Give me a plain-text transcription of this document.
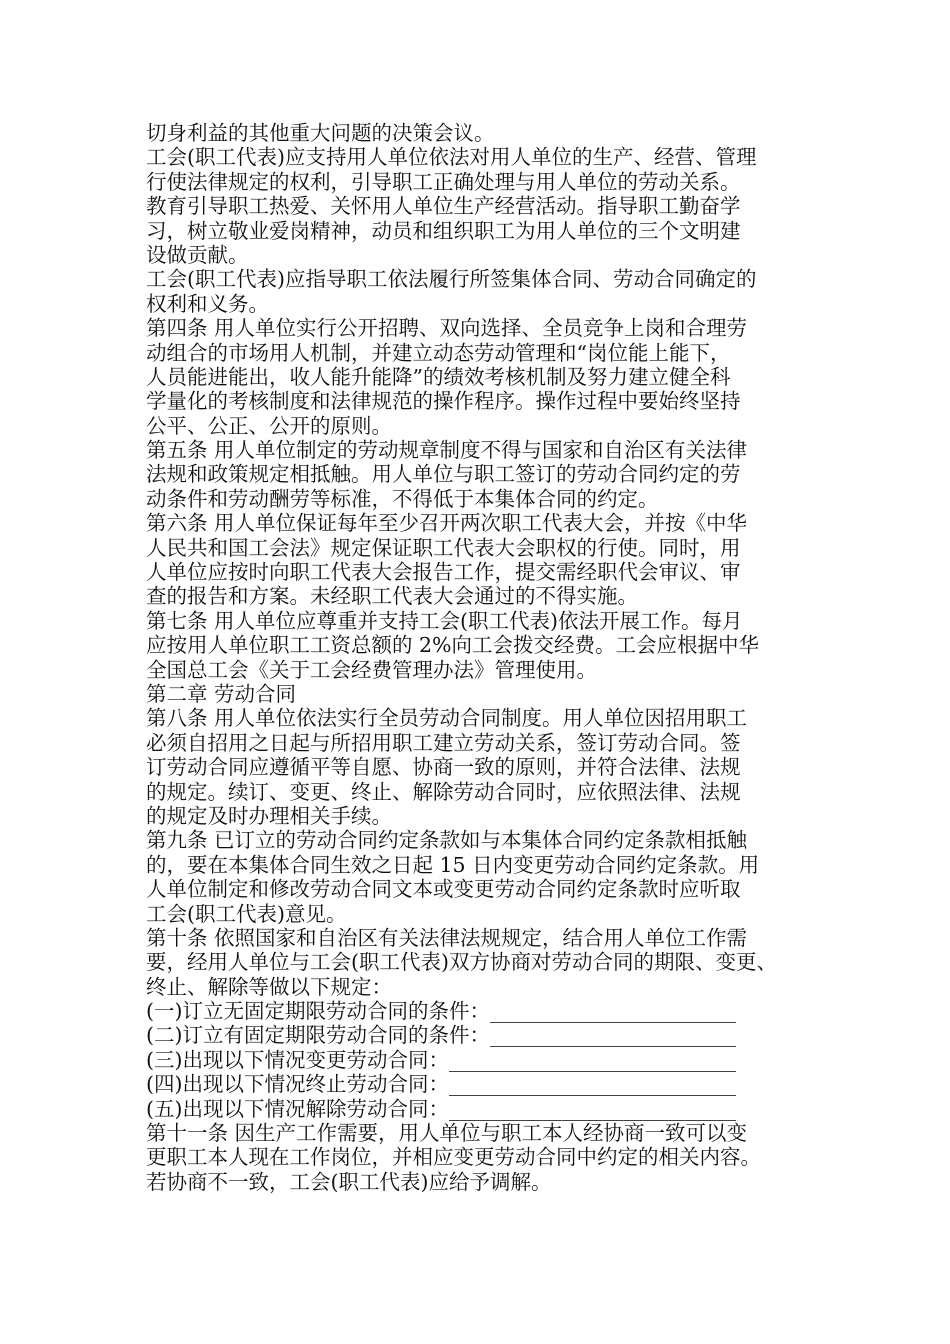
切身利益的其他重大问题的决策会议。
工会(职工代表)应支持用人单位依法对用人单位的生产、经营、管理
行使法律规定的权利，引导职工正确处理与用人单位的劳动关系。
教育引导职工热爱、关怀用人单位生产经营活动。指导职工勤奋学
习，树立敬业爱岗精神，动员和组织职工为用人单位的三个文明建
设做贡献。
工会(职工代表)应指导职工依法履行所签集体合同、劳动合同确定的
权利和义务。
第四条 用人单位实行公开招聘、双向选择、全员竞争上岗和合理劳
动组合的市场用人机制，并建立动态劳动管理和“岗位能上能下，
人员能进能出，收人能升能降”的绩效考核机制及努力建立健全科
学量化的考核制度和法律规范的操作程序。操作过程中要始终坚持
公平、公正、公开的原则。
第五条 用人单位制定的劳动规章制度不得与国家和自治区有关法律
法规和政策规定相抵触。用人单位与职工签订的劳动合同约定的劳
动条件和劳动酬劳等标准，不得低于本集体合同的约定。
第六条 用人单位保证每年至少召开两次职工代表大会，并按《中华
人民共和国工会法》规定保证职工代表大会职权的行使。同时，用
人单位应按时向职工代表大会报告工作，提交需经职代会审议、审
查的报告和方案。未经职工代表大会通过的不得实施。
第七条 用人单位应尊重并支持工会(职工代表)依法开展工作。每月
应按用人单位职工工资总额的 2%向工会拨交经费。工会应根据中华
全国总工会《关于工会经费管理办法》管理使用。
第二章 劳动合同
第八条 用人单位依法实行全员劳动合同制度。用人单位因招用职工
必须自招用之日起与所招用职工建立劳动关系，签订劳动合同。签
订劳动合同应遵循平等自愿、协商一致的原则，并符合法律、法规
的规定。续订、变更、终止、解除劳动合同时，应依照法律、法规
的规定及时办理相关手续。
第九条 已订立的劳动合同约定条款如与本集体合同约定条款相抵触
的，要在本集体合同生效之日起 15 日内变更劳动合同约定条款。用
人单位制定和修改劳动合同文本或变更劳动合同约定条款时应听取
工会(职工代表)意见。
第十条 依照国家和自治区有关法律法规规定，结合用人单位工作需
要，经用人单位与工会(职工代表)双方协商对劳动合同的期限、变更、
终止、解除等做以下规定：
(一)订立无固定期限劳动合同的条件：________________________
(二)订立有固定期限劳动合同的条件：________________________
(三)出现以下情况变更劳动合同：____________________________
(四)出现以下情况终止劳动合同：____________________________
(五)出现以下情况解除劳动合同：____________________________
第十一条 因生产工作需要，用人单位与职工本人经协商一致可以变
更职工本人现在工作岗位，并相应变更劳动合同中约定的相关内容。
若协商不一致，工会(职工代表)应给予调解。
